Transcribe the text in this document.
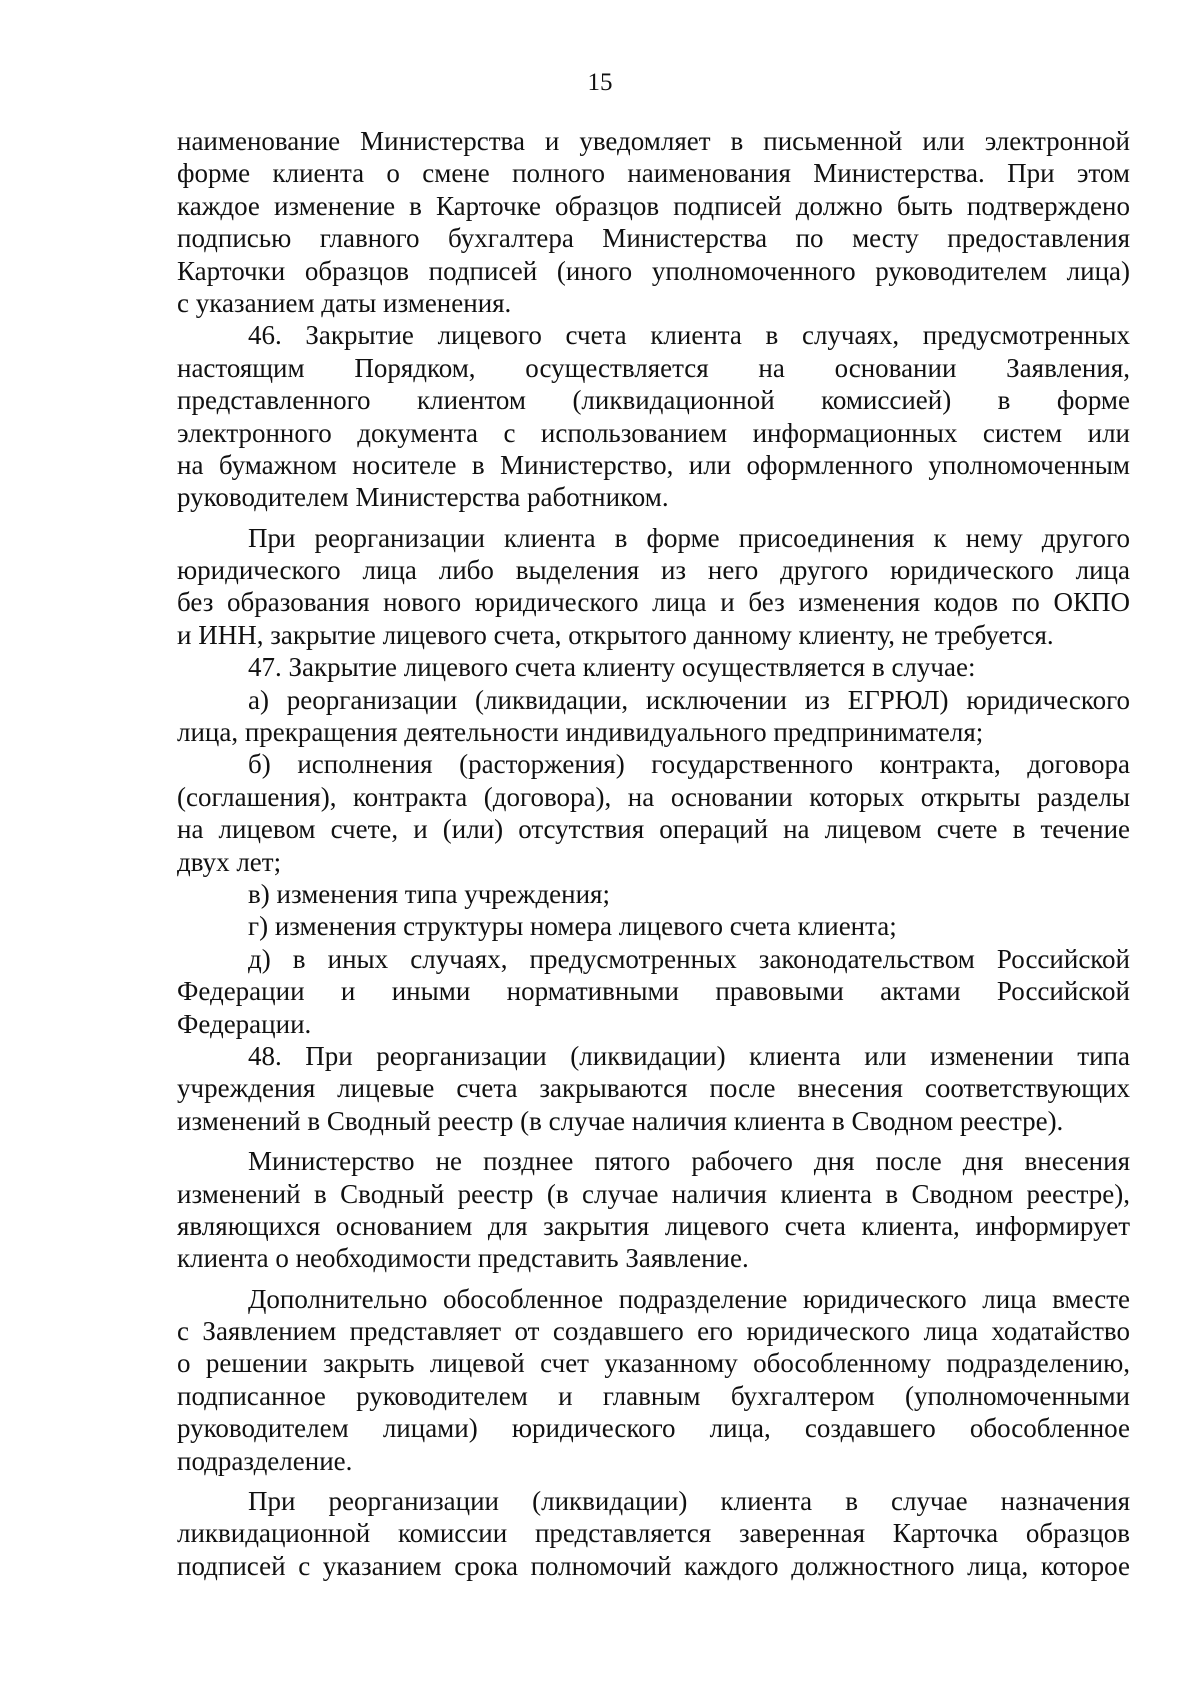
15
наименование Министерства и уведомляет в письменной или электронной
форме клиента о смене полного наименования Министерства. При этом
каждое изменение в Карточке образцов подписей должно быть подтверждено
подписью главного бухгалтера Министерства по месту предоставления
Карточки образцов подписей (иного уполномоченного руководителем лица)
с указанием даты изменения.
46. Закрытие лицевого счета клиента в случаях, предусмотренных
настоящим Порядком, осуществляется на основании Заявления,
представленного клиентом (ликвидационной комиссией) в форме
электронного документа с использованием информационных систем или
на бумажном носителе в Министерство, или оформленного уполномоченным
руководителем Министерства работником.
При реорганизации клиента в форме присоединения к нему другого
юридического лица либо выделения из него другого юридического лица
без образования нового юридического лица и без изменения кодов по ОКПО
и ИНН, закрытие лицевого счета, открытого данному клиенту, не требуется.
47. Закрытие лицевого счета клиенту осуществляется в случае:
а) реорганизации (ликвидации, исключении из ЕГРЮЛ) юридического
лица, прекращения деятельности индивидуального предпринимателя;
б) исполнения (расторжения) государственного контракта, договора
(соглашения), контракта (договора), на основании которых открыты разделы
на лицевом счете, и (или) отсутствия операций на лицевом счете в течение
двух лет;
в) изменения типа учреждения;
г) изменения структуры номера лицевого счета клиента;
д) в иных случаях, предусмотренных законодательством Российской
Федерации и иными нормативными правовыми актами Российской
Федерации.
48. При реорганизации (ликвидации) клиента или изменении типа
учреждения лицевые счета закрываются после внесения соответствующих
изменений в Сводный реестр (в случае наличия клиента в Сводном реестре).
Министерство не позднее пятого рабочего дня после дня внесения
изменений в Сводный реестр (в случае наличия клиента в Сводном реестре),
являющихся основанием для закрытия лицевого счета клиента, информирует
клиента о необходимости представить Заявление.
Дополнительно обособленное подразделение юридического лица вместе
с Заявлением представляет от создавшего его юридического лица ходатайство
о решении закрыть лицевой счет указанному обособленному подразделению,
подписанное руководителем и главным бухгалтером (уполномоченными
руководителем лицами) юридического лица, создавшего обособленное
подразделение.
При реорганизации (ликвидации) клиента в случае назначения
ликвидационной комиссии представляется заверенная Карточка образцов
подписей с указанием срока полномочий каждого должностного лица, которое
